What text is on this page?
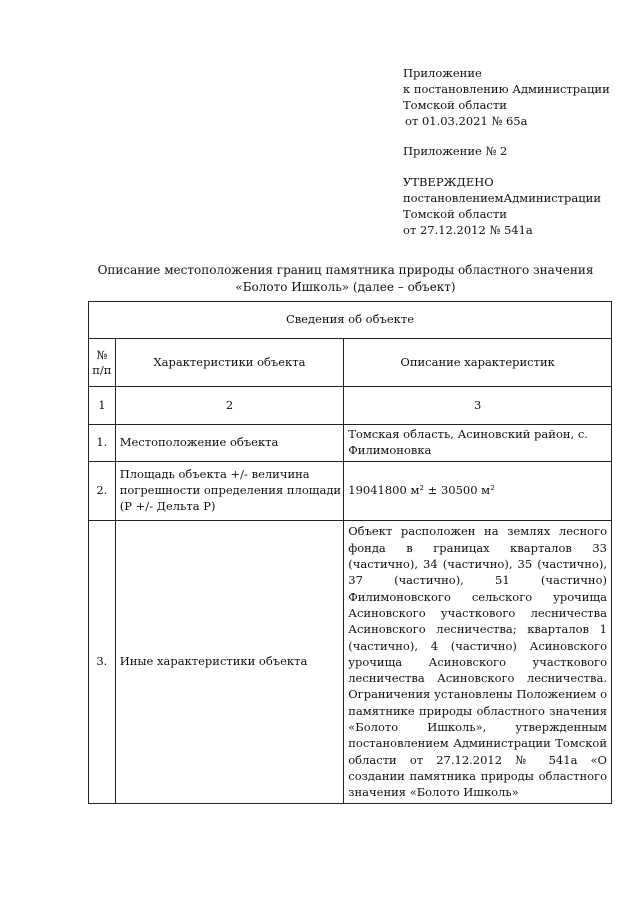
Приложение
к постановлению Администрации
Томской области
от 01.03.2021 № 65а
Приложение № 2
УТВЕРЖДЕНО
постановлением Администрации
Томской области
от 27.12.2012 № 541а
Описание местоположения границ памятника природы областного значения
«Болото Ишколь» (далее – объект)
Сведения об объекте		
№
п/п	Характеристики объекта	Описание характеристик
1	2	3
1.	Местоположение объекта	Томская область, Асиновский район, с. Филимоновка
2.	Площадь объекта +/- величина погрешности определения площади (Р +/- Дельта Р)	19041800 м² ± 30500 м²
3.	Иные характеристики объекта	Объект расположен на землях лесного фонда в границах кварталов 33 (частично), 34 (частично), 35 (частично), 37 (частично), 51 (частично) Филимоновского сельского урочища Асиновского участкового лесничества Асиновского лесничества; кварталов 1 (частично), 4 (частично) Асиновского урочища Асиновского участкового лесничества Асиновского лесничества. Ограничения установлены Положением о памятнике природы областного значения «Болото Ишколь», утвержденным постановлением Администрации Томской области от 27.12.2012 № 541а «О создании памятника природы областного значения «Болото Ишколь»
